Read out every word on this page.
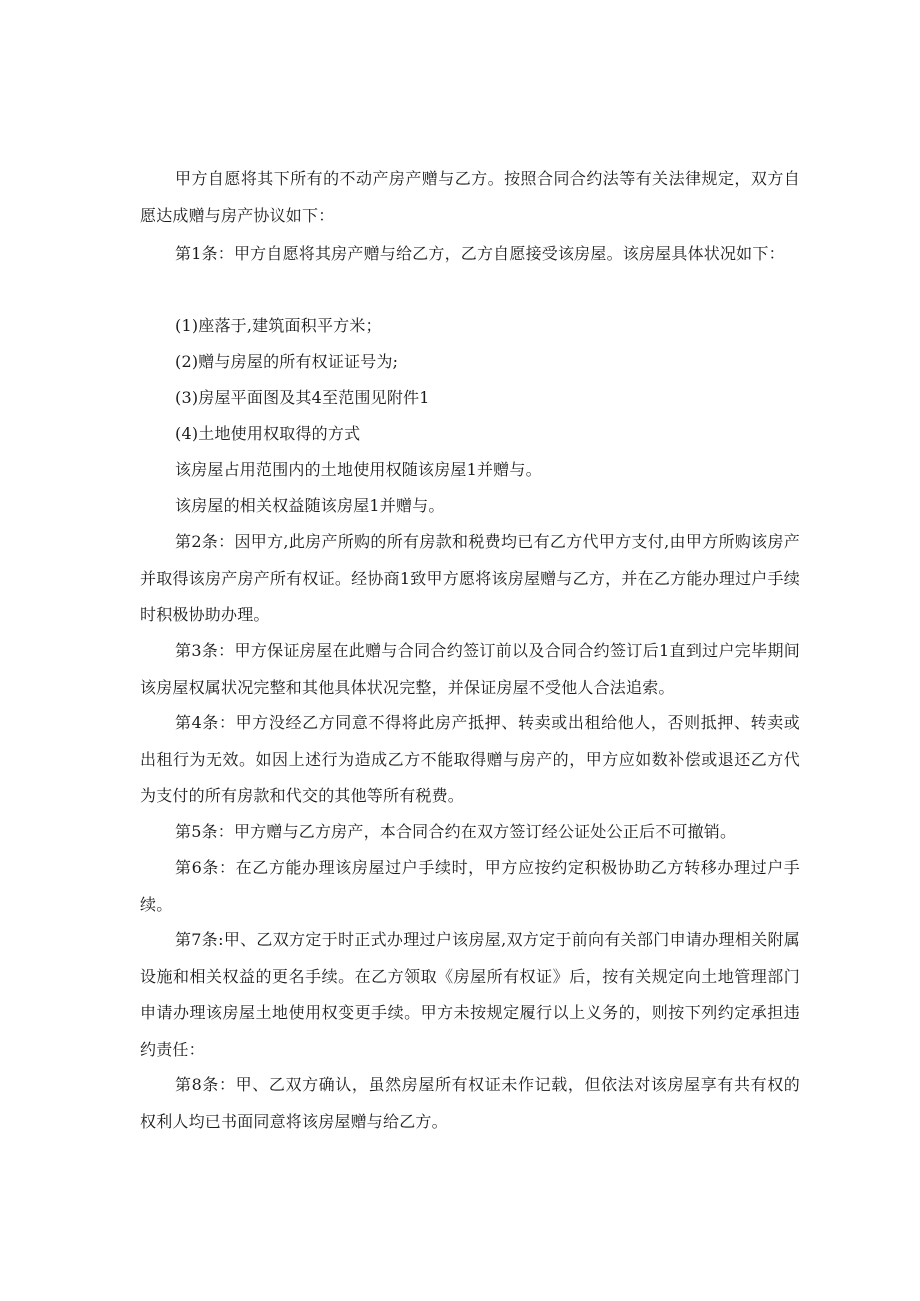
甲方自愿将其下所有的不动产房产赠与乙方。按照合同合约法等有关法律规定，双方自愿达成赠与房产协议如下：

第1条：甲方自愿将其房产赠与给乙方，乙方自愿接受该房屋。该房屋具体状况如下：

(1)座落于,建筑面积平方米；

(2)赠与房屋的所有权证证号为;

(3)房屋平面图及其4至范围见附件1

(4)土地使用权取得的方式

该房屋占用范围内的土地使用权随该房屋1并赠与。

该房屋的相关权益随该房屋1并赠与。

第2条：因甲方,此房产所购的所有房款和税费均已有乙方代甲方支付,由甲方所购该房产并取得该房产房产所有权证。经协商1致甲方愿将该房屋赠与乙方，并在乙方能办理过户手续时积极协助办理。

第3条：甲方保证房屋在此赠与合同合约签订前以及合同合约签订后1直到过户完毕期间该房屋权属状况完整和其他具体状况完整，并保证房屋不受他人合法追索。

第4条：甲方没经乙方同意不得将此房产抵押、转卖或出租给他人，否则抵押、转卖或出租行为无效。如因上述行为造成乙方不能取得赠与房产的，甲方应如数补偿或退还乙方代为支付的所有房款和代交的其他等所有税费。

第5条：甲方赠与乙方房产，本合同合约在双方签订经公证处公正后不可撤销。

第6条：在乙方能办理该房屋过户手续时，甲方应按约定积极协助乙方转移办理过户手续。

第7条:甲、乙双方定于时正式办理过户该房屋,双方定于前向有关部门申请办理相关附属设施和相关权益的更名手续。在乙方领取《房屋所有权证》后，按有关规定向土地管理部门申请办理该房屋土地使用权变更手续。甲方未按规定履行以上义务的，则按下列约定承担违约责任：

第8条：甲、乙双方确认，虽然房屋所有权证未作记载，但依法对该房屋享有共有权的权利人均已书面同意将该房屋赠与给乙方。
